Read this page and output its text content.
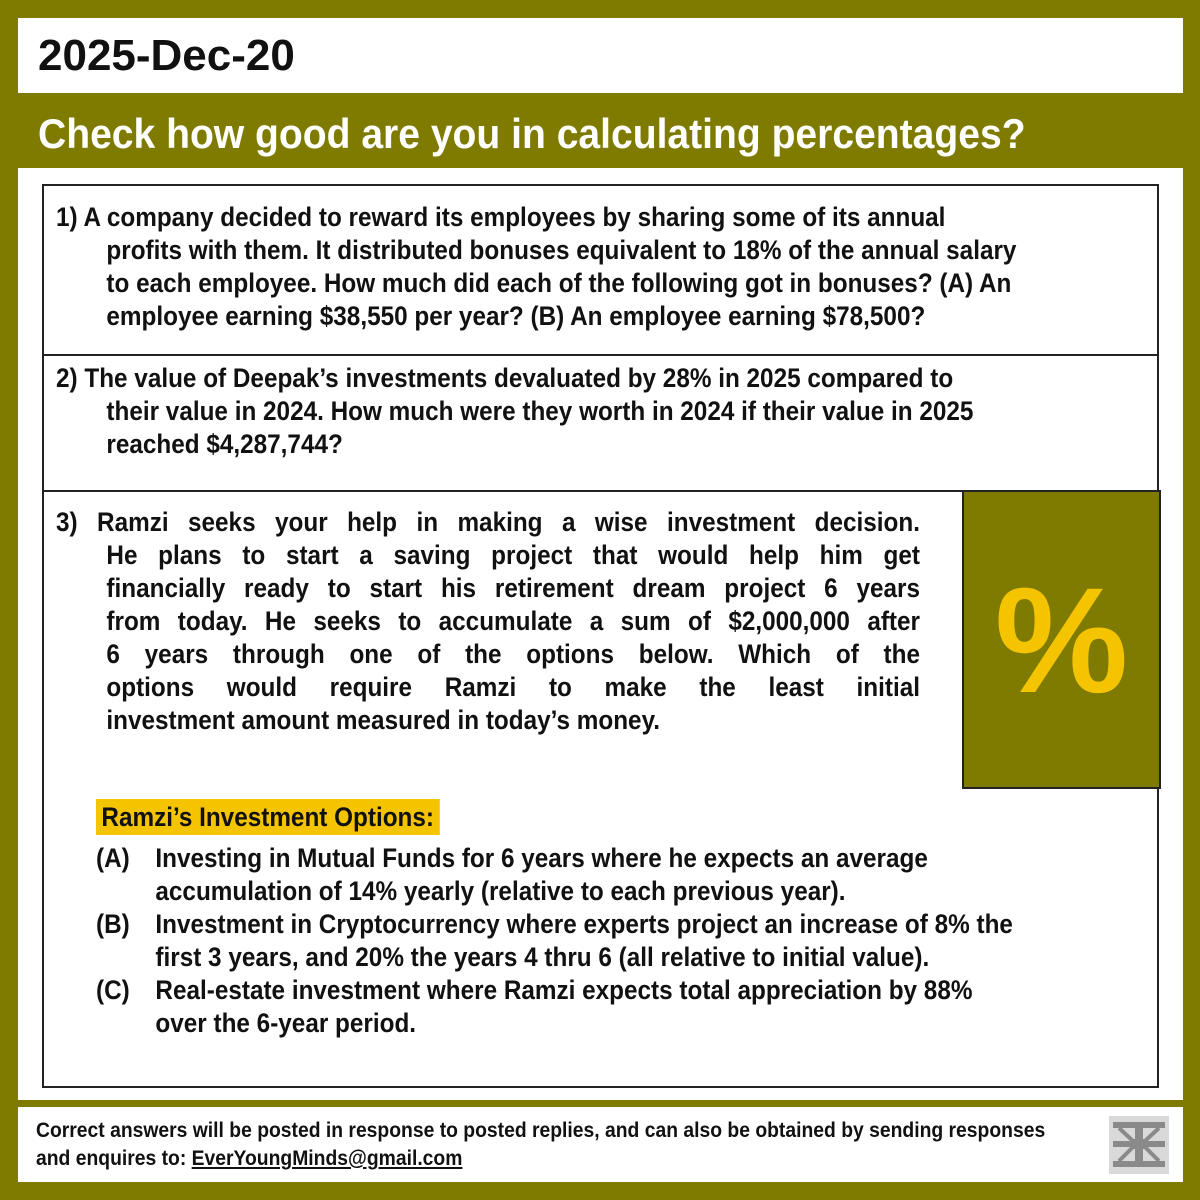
2025-Dec-20
Check how good are you in calculating percentages?
1) A company decided to reward its employees by sharing some of its annual
profits with them. It distributed bonuses equivalent to 18% of the annual salary
to each employee. How much did each of the following got in bonuses? (A) An
employee earning $38,550 per year? (B) An employee earning $78,500?
2) The value of Deepak’s investments devaluated by 28% in 2025 compared to
their value in 2024. How much were they worth in 2024 if their value in 2025
reached $4,287,744?
3) Ramzi seeks your help in making a wise investment decision.
He plans to start a saving project that would help him get
financially ready to start his retirement dream project 6 years
from today. He seeks to accumulate a sum of $2,000,000 after
6 years through one of the options below. Which of the
options would require Ramzi to make the least initial
investment amount measured in today’s money.	%
Ramzi’s Investment Options:
(A) Investing in Mutual Funds for 6 years where he expects an average
accumulation of 14% yearly (relative to each previous year).
(B) Investment in Cryptocurrency where experts project an increase of 8% the
first 3 years, and 20% the years 4 thru 6 (all relative to initial value).
(C) Real-estate investment where Ramzi expects total appreciation by 88%
over the 6-year period.
Correct answers will be posted in response to posted replies, and can also be obtained by sending responses
and enquires to: EverYoungMinds@gmail.com
